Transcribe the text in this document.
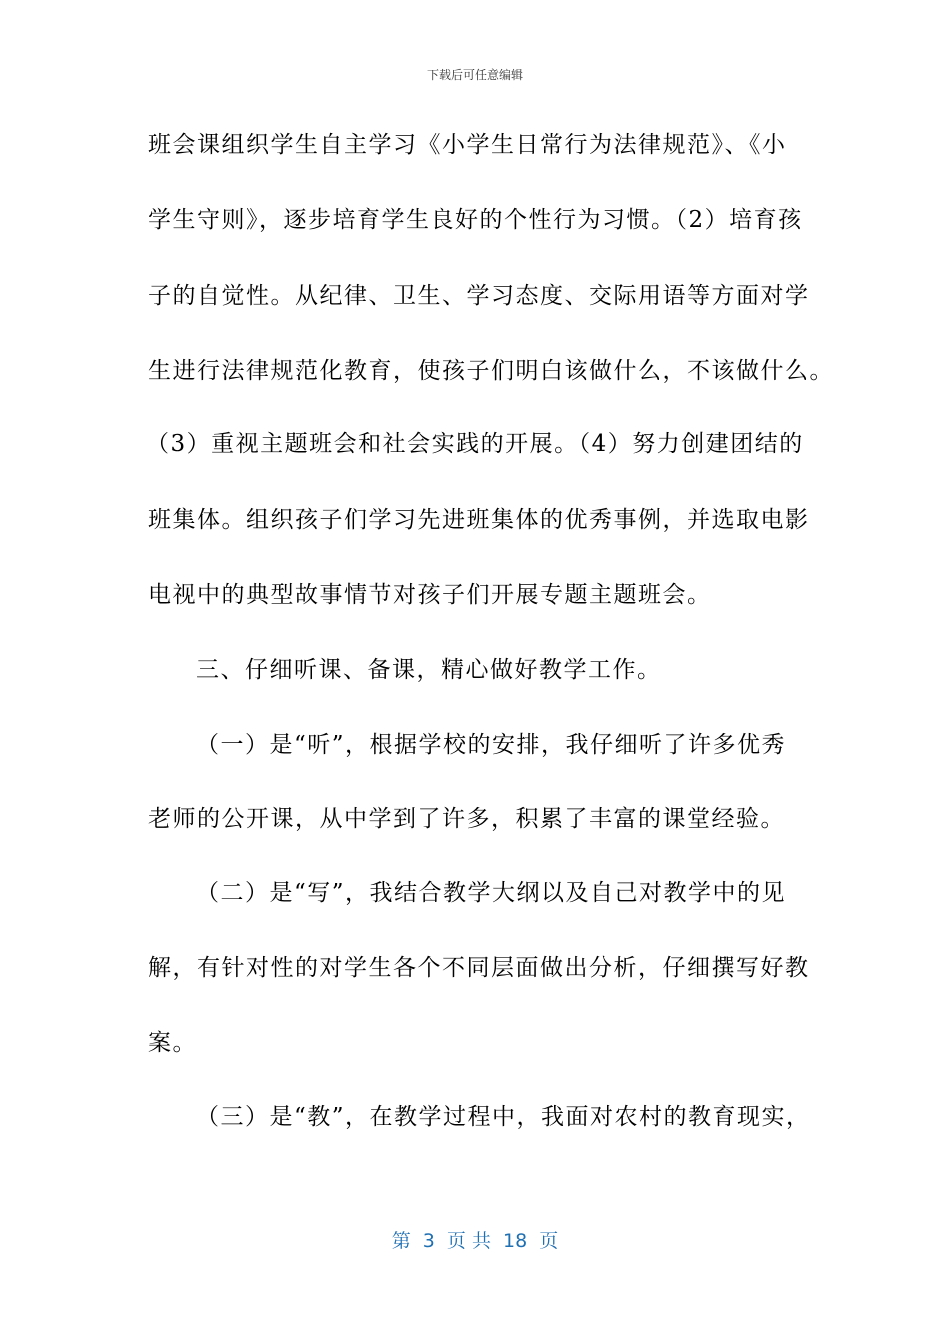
下载后可任意编辑
班会课组织学生自主学习《小学生日常行为法律规范》、《小
学生守则》，逐步培育学生良好的个性行为习惯。（2）培育孩
子的自觉性。从纪律、卫生、学习态度、交际用语等方面对学
生进行法律规范化教育，使孩子们明白该做什么，不该做什么。
（3）重视主题班会和社会实践的开展。（4）努力创建团结的
班集体。组织孩子们学习先进班集体的优秀事例，并选取电影
电视中的典型故事情节对孩子们开展专题主题班会。
三、仔细听课、备课，精心做好教学工作。
（一）是“听”，根据学校的安排，我仔细听了许多优秀
老师的公开课，从中学到了许多，积累了丰富的课堂经验。
（二）是“写”，我结合教学大纲以及自己对教学中的见
解，有针对性的对学生各个不同层面做出分析，仔细撰写好教
案。
（三）是“教”，在教学过程中，我面对农村的教育现实，
第  3  页 共  18  页
